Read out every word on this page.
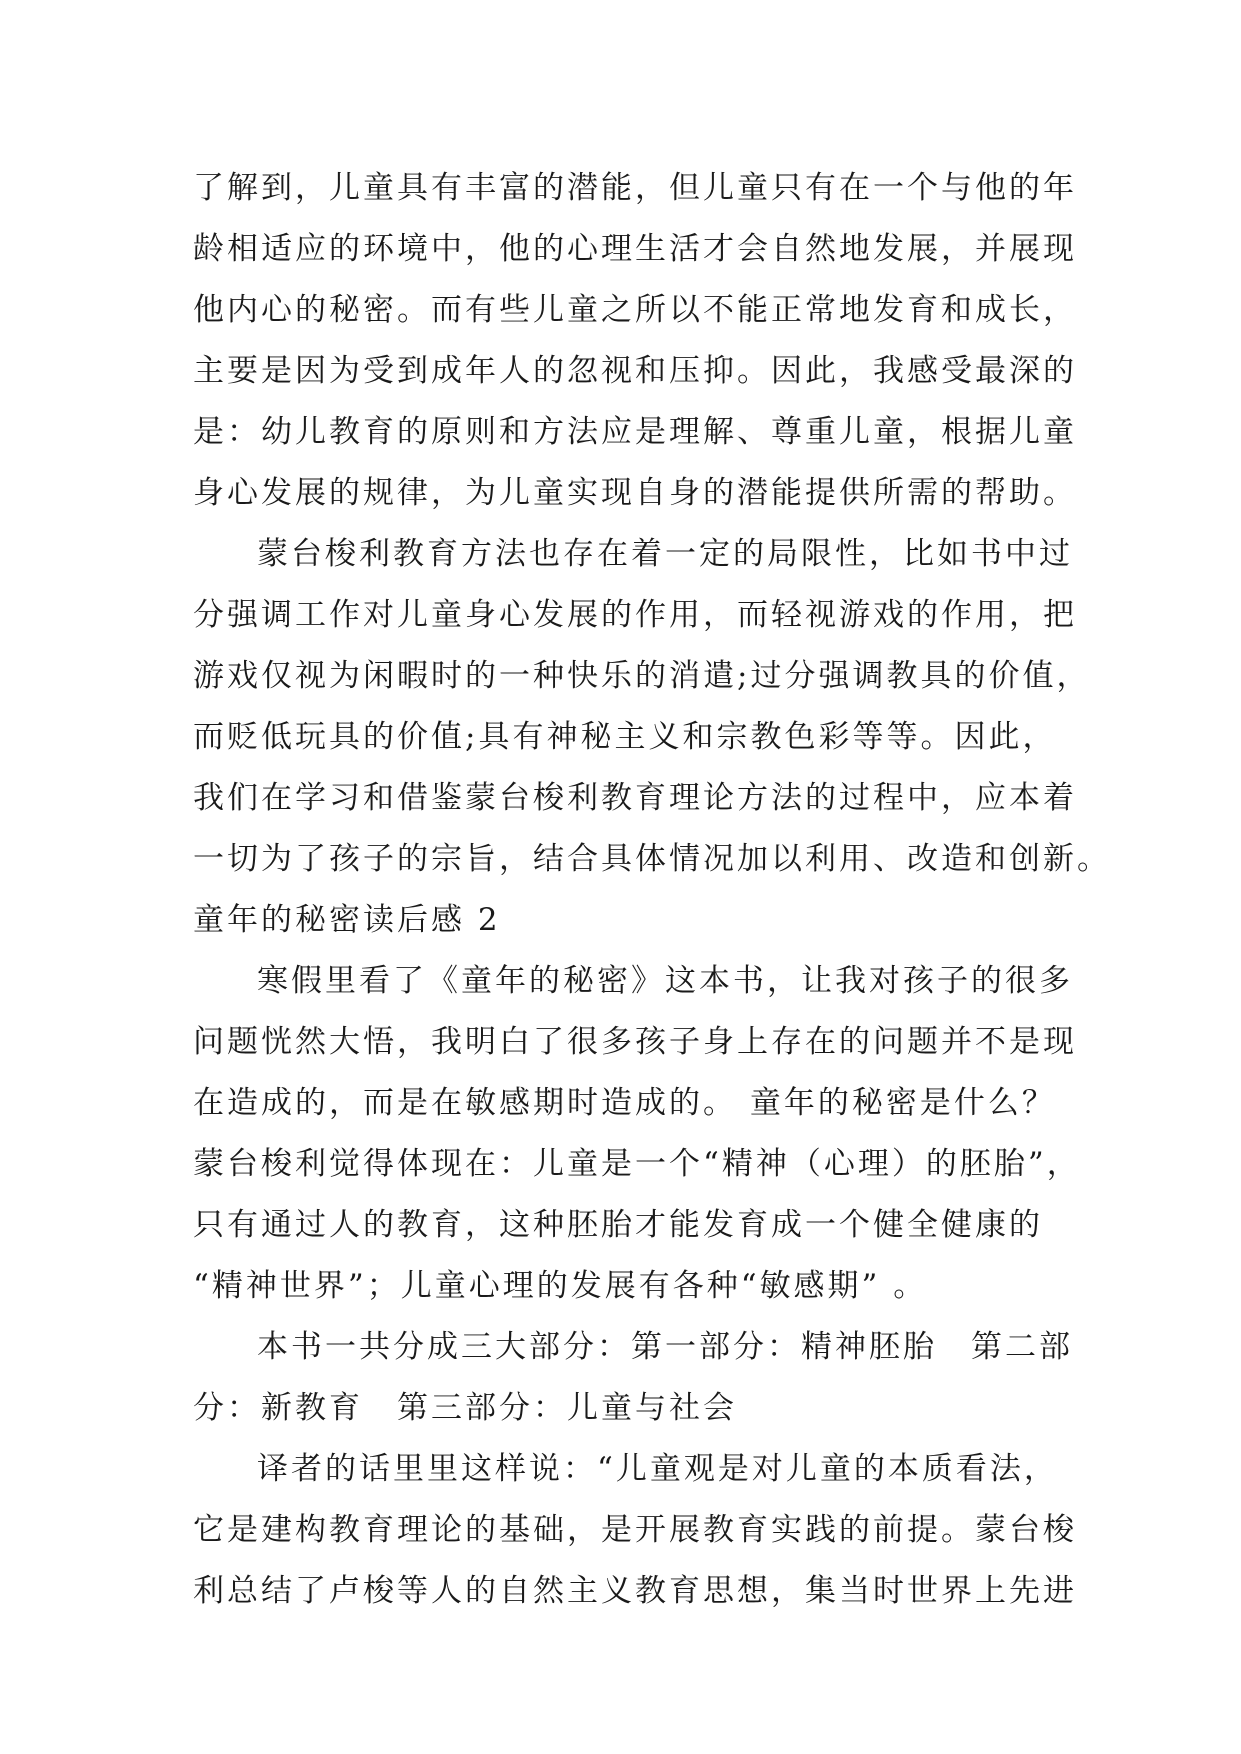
了解到，儿童具有丰富的潜能，但儿童只有在一个与他的年
龄相适应的环境中，他的心理生活才会自然地发展，并展现
他内心的秘密。而有些儿童之所以不能正常地发育和成长，
主要是因为受到成年人的忽视和压抑。因此，我感受最深的
是：幼儿教育的原则和方法应是理解、尊重儿童，根据儿童
身心发展的规律，为儿童实现自身的潜能提供所需的帮助。
蒙台梭利教育方法也存在着一定的局限性，比如书中过
分强调工作对儿童身心发展的作用，而轻视游戏的作用，把
游戏仅视为闲暇时的一种快乐的消遣;过分强调教具的价值，
而贬低玩具的价值;具有神秘主义和宗教色彩等等。因此，
我们在学习和借鉴蒙台梭利教育理论方法的过程中，应本着
一切为了孩子的宗旨，结合具体情况加以利用、改造和创新。
童年的秘密读后感 2
寒假里看了《童年的秘密》这本书，让我对孩子的很多
问题恍然大悟，我明白了很多孩子身上存在的问题并不是现
在造成的，而是在敏感期时造成的。 童年的秘密是什么？
蒙台梭利觉得体现在：儿童是一个“精神（心理）的胚胎”，
只有通过人的教育，这种胚胎才能发育成一个健全健康的
“精神世界”；儿童心理的发展有各种“敏感期” 。
本书一共分成三大部分：第一部分：精神胚胎　第二部
分：新教育　第三部分：儿童与社会
译者的话里里这样说：“儿童观是对儿童的本质看法，
它是建构教育理论的基础，是开展教育实践的前提。蒙台梭
利总结了卢梭等人的自然主义教育思想，集当时世界上先进
